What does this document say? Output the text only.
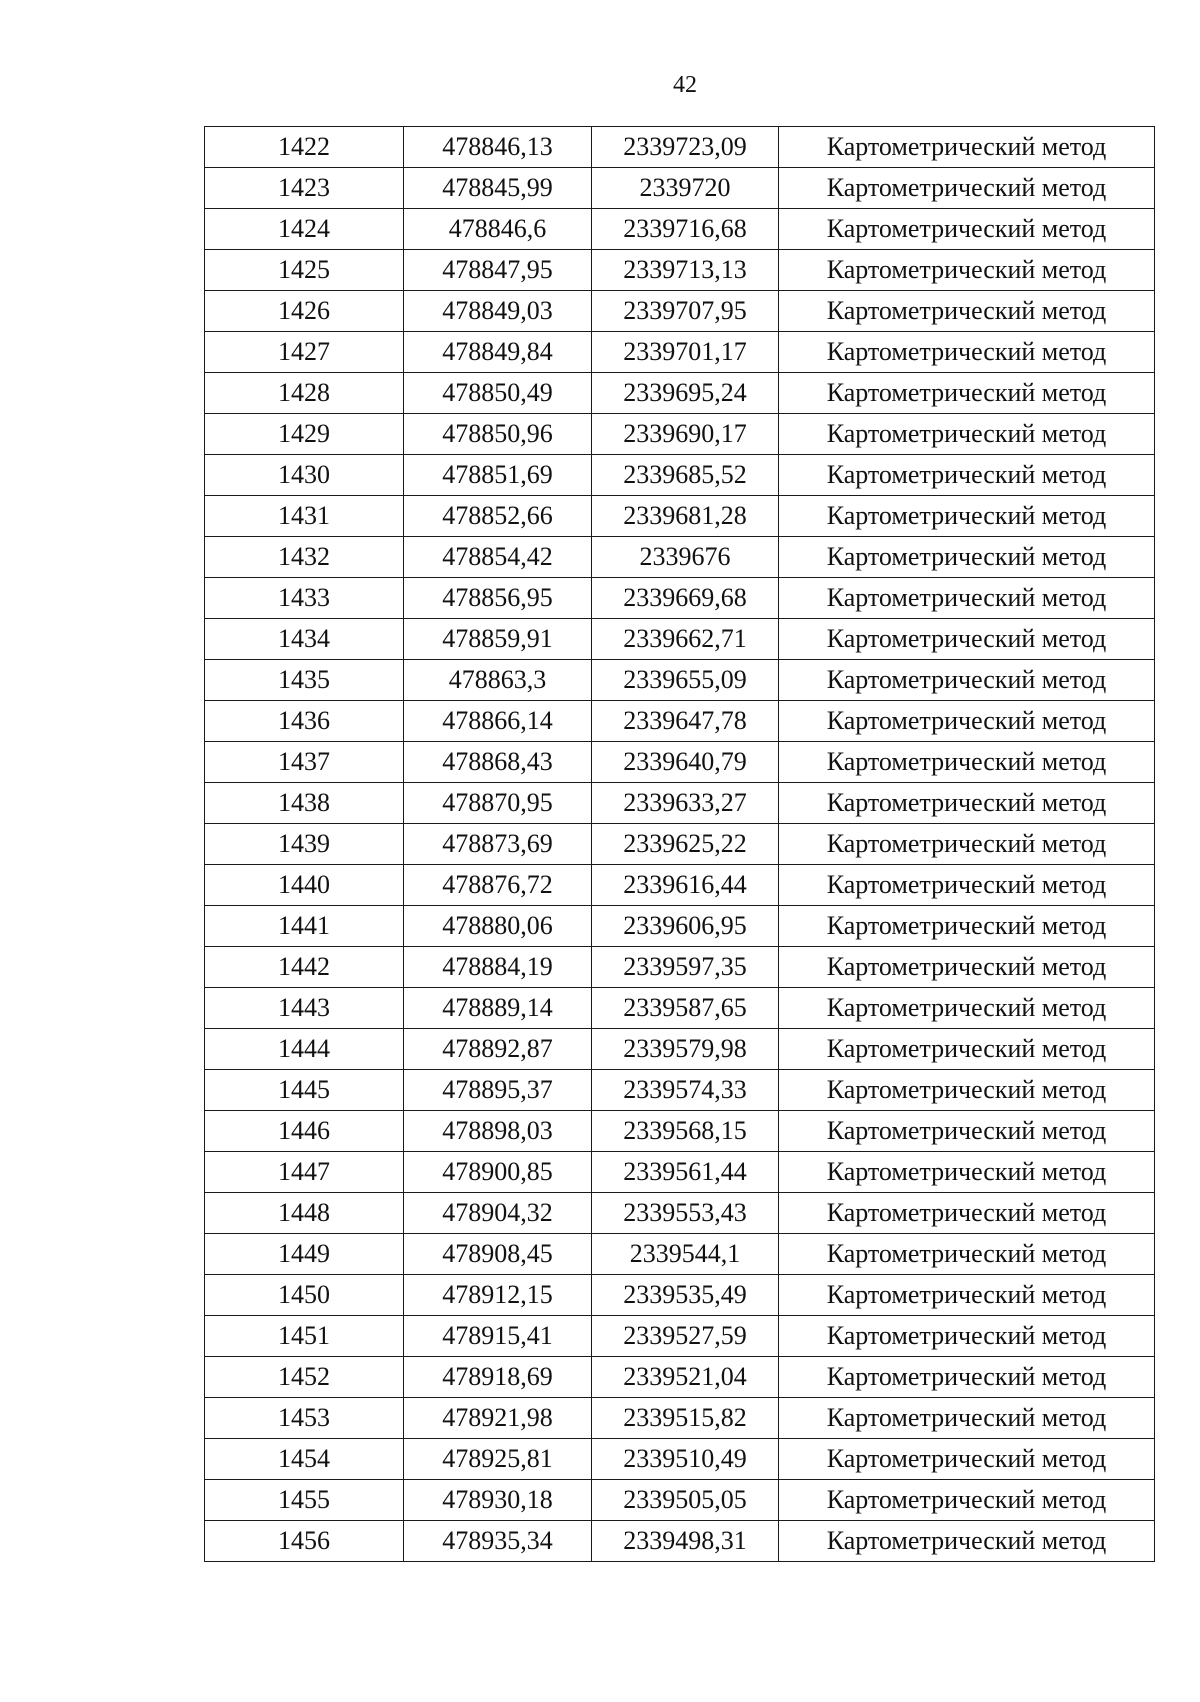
42
1422	478846,13	2339723,09	Картометрический метод
1423	478845,99	2339720	Картометрический метод
1424	478846,6	2339716,68	Картометрический метод
1425	478847,95	2339713,13	Картометрический метод
1426	478849,03	2339707,95	Картометрический метод
1427	478849,84	2339701,17	Картометрический метод
1428	478850,49	2339695,24	Картометрический метод
1429	478850,96	2339690,17	Картометрический метод
1430	478851,69	2339685,52	Картометрический метод
1431	478852,66	2339681,28	Картометрический метод
1432	478854,42	2339676	Картометрический метод
1433	478856,95	2339669,68	Картометрический метод
1434	478859,91	2339662,71	Картометрический метод
1435	478863,3	2339655,09	Картометрический метод
1436	478866,14	2339647,78	Картометрический метод
1437	478868,43	2339640,79	Картометрический метод
1438	478870,95	2339633,27	Картометрический метод
1439	478873,69	2339625,22	Картометрический метод
1440	478876,72	2339616,44	Картометрический метод
1441	478880,06	2339606,95	Картометрический метод
1442	478884,19	2339597,35	Картометрический метод
1443	478889,14	2339587,65	Картометрический метод
1444	478892,87	2339579,98	Картометрический метод
1445	478895,37	2339574,33	Картометрический метод
1446	478898,03	2339568,15	Картометрический метод
1447	478900,85	2339561,44	Картометрический метод
1448	478904,32	2339553,43	Картометрический метод
1449	478908,45	2339544,1	Картометрический метод
1450	478912,15	2339535,49	Картометрический метод
1451	478915,41	2339527,59	Картометрический метод
1452	478918,69	2339521,04	Картометрический метод
1453	478921,98	2339515,82	Картометрический метод
1454	478925,81	2339510,49	Картометрический метод
1455	478930,18	2339505,05	Картометрический метод
1456	478935,34	2339498,31	Картометрический метод
